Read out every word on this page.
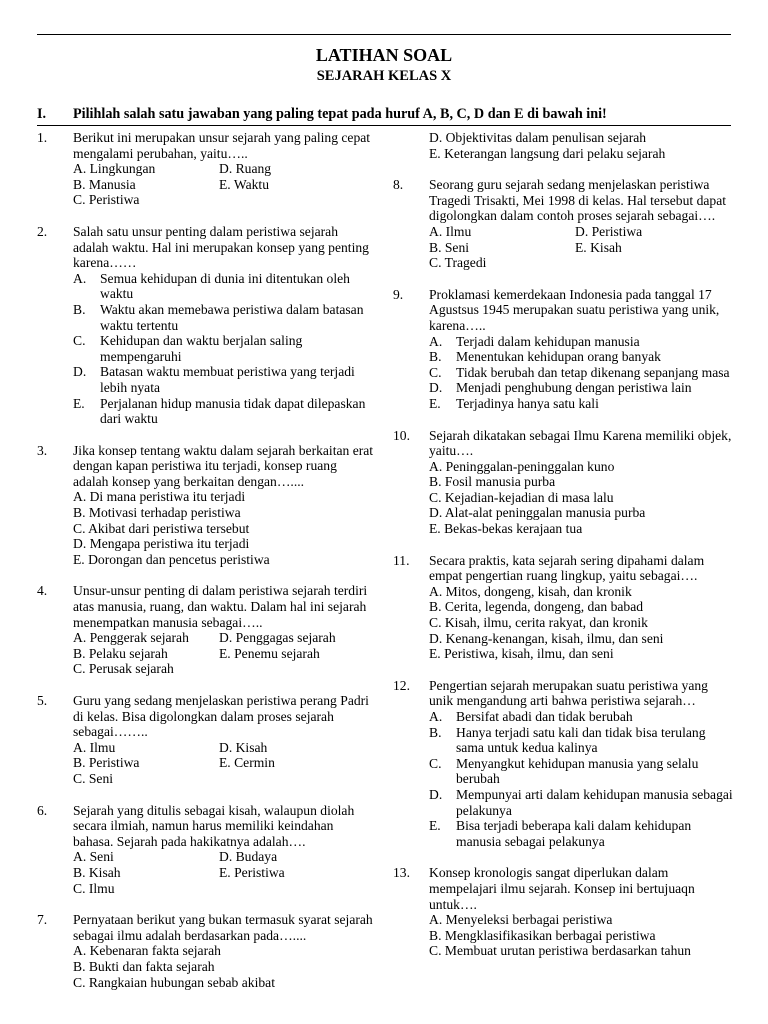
LATIHAN SOAL
SEJARAH KELAS X
I. Pilihlah salah satu jawaban yang paling tepat pada huruf A, B, C, D dan E di bawah ini!
1. Berikut ini merupakan unsur sejarah yang paling cepat mengalami perubahan, yaitu…..
A. Lingkungan	D. Ruang
B. Manusia	E. Waktu
C. Peristiwa
2. Salah satu unsur penting dalam peristiwa sejarah adalah waktu. Hal ini merupakan konsep yang penting karena……
A. Semua kehidupan di dunia ini ditentukan oleh waktu
B. Waktu akan memebawa peristiwa dalam batasan waktu tertentu
C. Kehidupan dan waktu berjalan saling mempengaruhi
D. Batasan waktu membuat peristiwa yang terjadi lebih nyata
E. Perjalanan hidup manusia tidak dapat dilepaskan dari waktu
3. Jika konsep tentang waktu dalam sejarah berkaitan erat dengan kapan peristiwa itu terjadi, konsep ruang adalah konsep yang berkaitan dengan…....
A. Di mana peristiwa itu terjadi
B. Motivasi terhadap peristiwa
C. Akibat dari peristiwa tersebut
D. Mengapa peristiwa itu terjadi
E. Dorongan dan pencetus peristiwa
4. Unsur-unsur penting di dalam peristiwa sejarah terdiri atas manusia, ruang, dan waktu. Dalam hal ini sejarah menempatkan manusia sebagai…..
A. Penggerak sejarah	D. Penggagas sejarah
B. Pelaku sejarah	E. Penemu sejarah
C. Perusak sejarah
5. Guru yang sedang menjelaskan peristiwa perang Padri di kelas. Bisa digolongkan dalam proses sejarah sebagai……..
A. Ilmu	D. Kisah
B. Peristiwa	E. Cermin
C. Seni
6. Sejarah yang ditulis sebagai kisah, walaupun diolah secara ilmiah, namun harus memiliki keindahan bahasa. Sejarah pada hakikatnya adalah….
A. Seni	D. Budaya
B. Kisah	E. Peristiwa
C. Ilmu
7. Pernyataan berikut yang bukan termasuk syarat sejarah sebagai ilmu adalah berdasarkan pada…....
A. Kebenaran fakta sejarah
B. Bukti dan fakta sejarah
C. Rangkaian hubungan sebab akibat
D. Objektivitas dalam penulisan sejarah
E. Keterangan langsung dari pelaku sejarah
8. Seorang guru sejarah sedang menjelaskan peristiwa Tragedi Trisakti, Mei 1998 di kelas. Hal tersebut dapat digolongkan dalam contoh proses sejarah sebagai….
A. Ilmu	D. Peristiwa
B. Seni	E. Kisah
C. Tragedi
9. Proklamasi kemerdekaan Indonesia pada tanggal 17 Agustsus 1945 merupakan suatu peristiwa yang unik, karena…..
A. Terjadi dalam kehidupan manusia
B. Menentukan kehidupan orang banyak
C. Tidak berubah dan tetap dikenang sepanjang masa
D. Menjadi penghubung dengan peristiwa lain
E. Terjadinya hanya satu kali
10. Sejarah dikatakan sebagai Ilmu Karena memiliki objek, yaitu….
A. Peninggalan-peninggalan kuno
B. Fosil manusia purba
C. Kejadian-kejadian di masa lalu
D. Alat-alat peninggalan manusia purba
E. Bekas-bekas kerajaan tua
11. Secara praktis, kata sejarah sering dipahami dalam empat pengertian ruang lingkup, yaitu sebagai….
A. Mitos, dongeng, kisah, dan kronik
B. Cerita, legenda, dongeng, dan babad
C. Kisah, ilmu, cerita rakyat, dan kronik
D. Kenang-kenangan, kisah, ilmu, dan seni
E. Peristiwa, kisah, ilmu, dan seni
12. Pengertian sejarah merupakan suatu peristiwa yang unik mengandung arti bahwa peristiwa sejarah…
A. Bersifat abadi dan tidak berubah
B. Hanya terjadi satu kali dan tidak bisa terulang sama untuk kedua kalinya
C. Menyangkut kehidupan manusia yang selalu berubah
D. Mempunyai arti dalam kehidupan manusia sebagai pelakunya
E. Bisa terjadi beberapa kali dalam kehidupan manusia sebagai pelakunya
13. Konsep kronologis sangat diperlukan dalam mempelajari ilmu sejarah. Konsep ini bertujuaqn untuk….
A. Menyeleksi berbagai peristiwa
B. Mengklasifikasikan berbagai peristiwa
C. Membuat urutan peristiwa berdasarkan tahun
